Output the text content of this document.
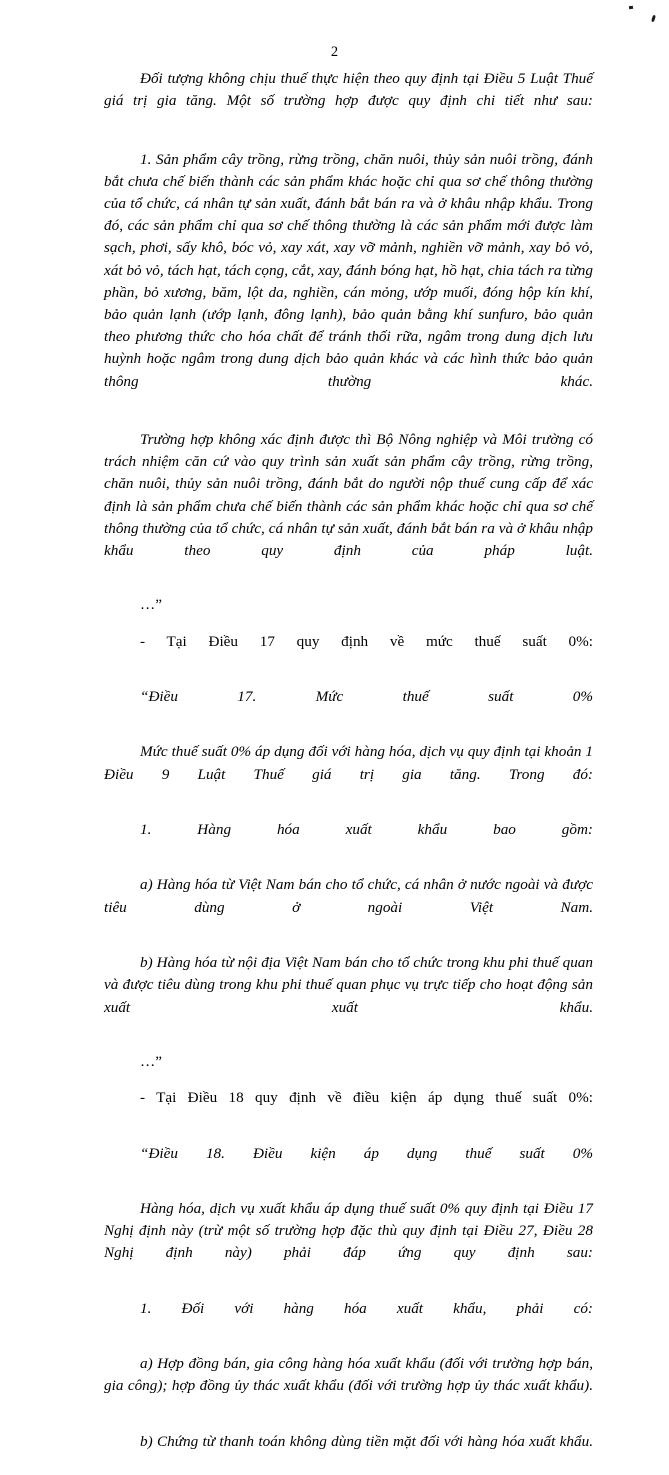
2

Đối tượng không chịu thuế thực hiện theo quy định tại Điều 5 Luật Thuế giá trị gia tăng. Một số trường hợp được quy định chi tiết như sau:

1. Sản phẩm cây trồng, rừng trồng, chăn nuôi, thủy sản nuôi trồng, đánh bắt chưa chế biến thành các sản phẩm khác hoặc chỉ qua sơ chế thông thường của tổ chức, cá nhân tự sản xuất, đánh bắt bán ra và ở khâu nhập khẩu. Trong đó, các sản phẩm chỉ qua sơ chế thông thường là các sản phẩm mới được làm sạch, phơi, sấy khô, bóc vỏ, xay xát, xay vỡ mảnh, nghiền vỡ mảnh, xay bỏ vỏ, xát bỏ vỏ, tách hạt, tách cọng, cắt, xay, đánh bóng hạt, hồ hạt, chia tách ra từng phần, bỏ xương, băm, lột da, nghiền, cán mỏng, ướp muối, đóng hộp kín khí, bảo quản lạnh (ướp lạnh, đông lạnh), bảo quản bằng khí sunfuro, bảo quản theo phương thức cho hóa chất để tránh thối rữa, ngâm trong dung dịch lưu huỳnh hoặc ngâm trong dung dịch bảo quản khác và các hình thức bảo quản thông thường khác.

Trường hợp không xác định được thì Bộ Nông nghiệp và Môi trường có trách nhiệm căn cứ vào quy trình sản xuất sản phẩm cây trồng, rừng trồng, chăn nuôi, thủy sản nuôi trồng, đánh bắt do người nộp thuế cung cấp để xác định là sản phẩm chưa chế biến thành các sản phẩm khác hoặc chỉ qua sơ chế thông thường của tổ chức, cá nhân tự sản xuất, đánh bắt bán ra và ở khâu nhập khẩu theo quy định của pháp luật.

…”

- Tại Điều 17 quy định về mức thuế suất 0%:

“Điều 17. Mức thuế suất 0%

Mức thuế suất 0% áp dụng đối với hàng hóa, dịch vụ quy định tại khoản 1 Điều 9 Luật Thuế giá trị gia tăng. Trong đó:

1. Hàng hóa xuất khẩu bao gồm:

a) Hàng hóa từ Việt Nam bán cho tổ chức, cá nhân ở nước ngoài và được tiêu dùng ở ngoài Việt Nam.

b) Hàng hóa từ nội địa Việt Nam bán cho tổ chức trong khu phi thuế quan và được tiêu dùng trong khu phi thuế quan phục vụ trực tiếp cho hoạt động sản xuất xuất khẩu.

…”

- Tại Điều 18 quy định về điều kiện áp dụng thuế suất 0%:

“Điều 18. Điều kiện áp dụng thuế suất 0%

Hàng hóa, dịch vụ xuất khẩu áp dụng thuế suất 0% quy định tại Điều 17 Nghị định này (trừ một số trường hợp đặc thù quy định tại Điều 27, Điều 28 Nghị định này) phải đáp ứng quy định sau:

1. Đối với hàng hóa xuất khẩu, phải có:

a) Hợp đồng bán, gia công hàng hóa xuất khẩu (đối với trường hợp bán, gia công); hợp đồng ủy thác xuất khẩu (đối với trường hợp ủy thác xuất khẩu).

b) Chứng từ thanh toán không dùng tiền mặt đối với hàng hóa xuất khẩu.
